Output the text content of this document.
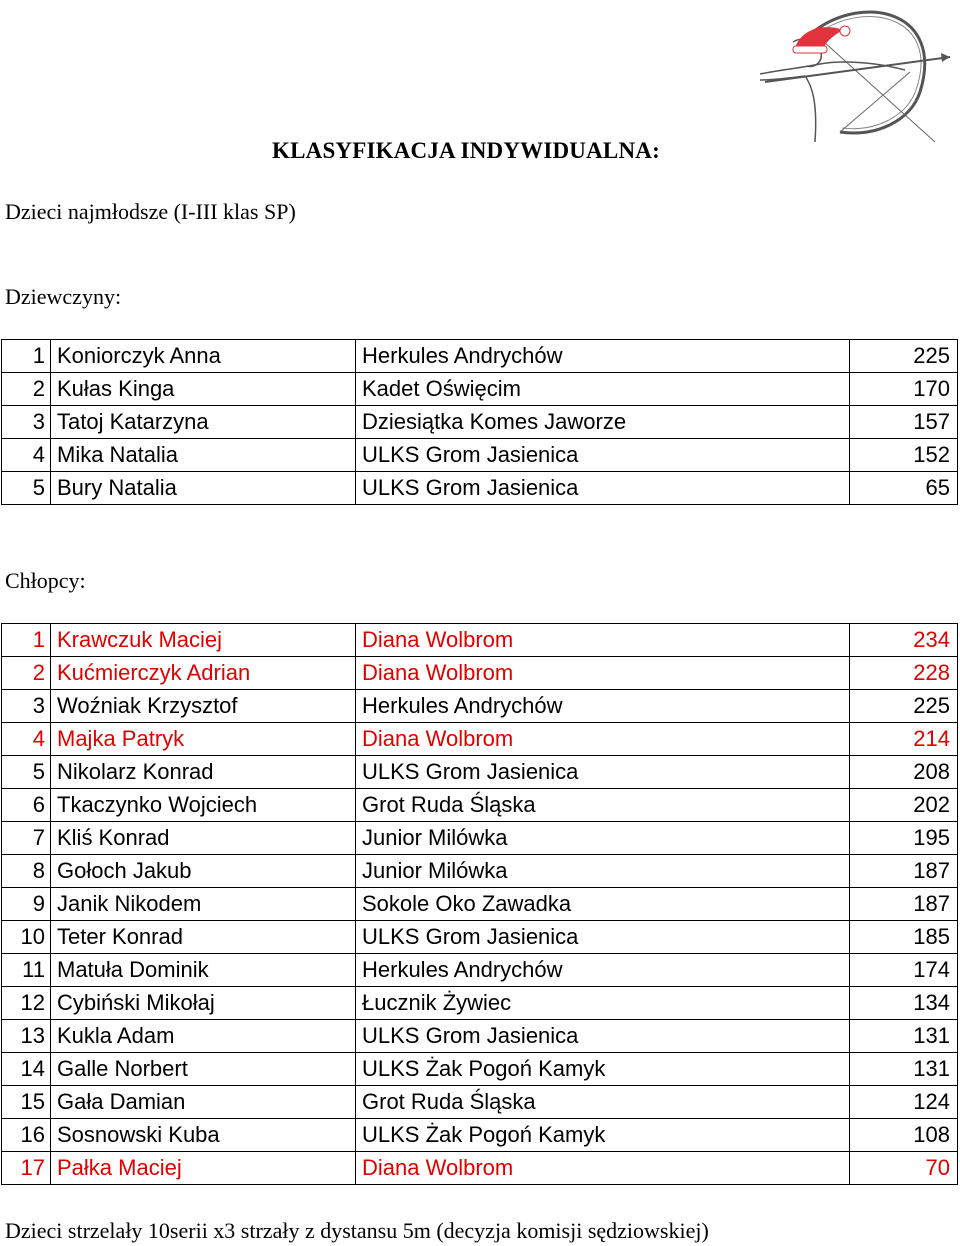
KLASYFIKACJA INDYWIDUALNA:
Dzieci najmłodsze (I-III klas SP)
Dziewczyny:
1	Koniorczyk Anna	Herkules Andrychów	225
2	Kułas Kinga	Kadet Oświęcim	170
3	Tatoj Katarzyna	Dziesiątka Komes Jaworze	157
4	Mika Natalia	ULKS Grom Jasienica	152
5	Bury Natalia	ULKS Grom Jasienica	65
Chłopcy:
1	Krawczuk Maciej	Diana Wolbrom	234
2	Kućmierczyk Adrian	Diana Wolbrom	228
3	Woźniak Krzysztof	Herkules Andrychów	225
4	Majka Patryk	Diana Wolbrom	214
5	Nikolarz Konrad	ULKS Grom Jasienica	208
6	Tkaczynko Wojciech	Grot Ruda Śląska	202
7	Kliś Konrad	Junior Milówka	195
8	Gołoch Jakub	Junior Milówka	187
9	Janik Nikodem	Sokole Oko Zawadka	187
10	Teter Konrad	ULKS Grom Jasienica	185
11	Matuła Dominik	Herkules Andrychów	174
12	Cybiński Mikołaj	Łucznik Żywiec	134
13	Kukla Adam	ULKS Grom Jasienica	131
14	Galle Norbert	ULKS Żak Pogoń Kamyk	131
15	Gała Damian	Grot Ruda Śląska	124
16	Sosnowski Kuba	ULKS Żak Pogoń Kamyk	108
17	Pałka Maciej	Diana Wolbrom	70
Dzieci strzelały 10serii x3 strzały z dystansu 5m (decyzja komisji sędziowskiej)
